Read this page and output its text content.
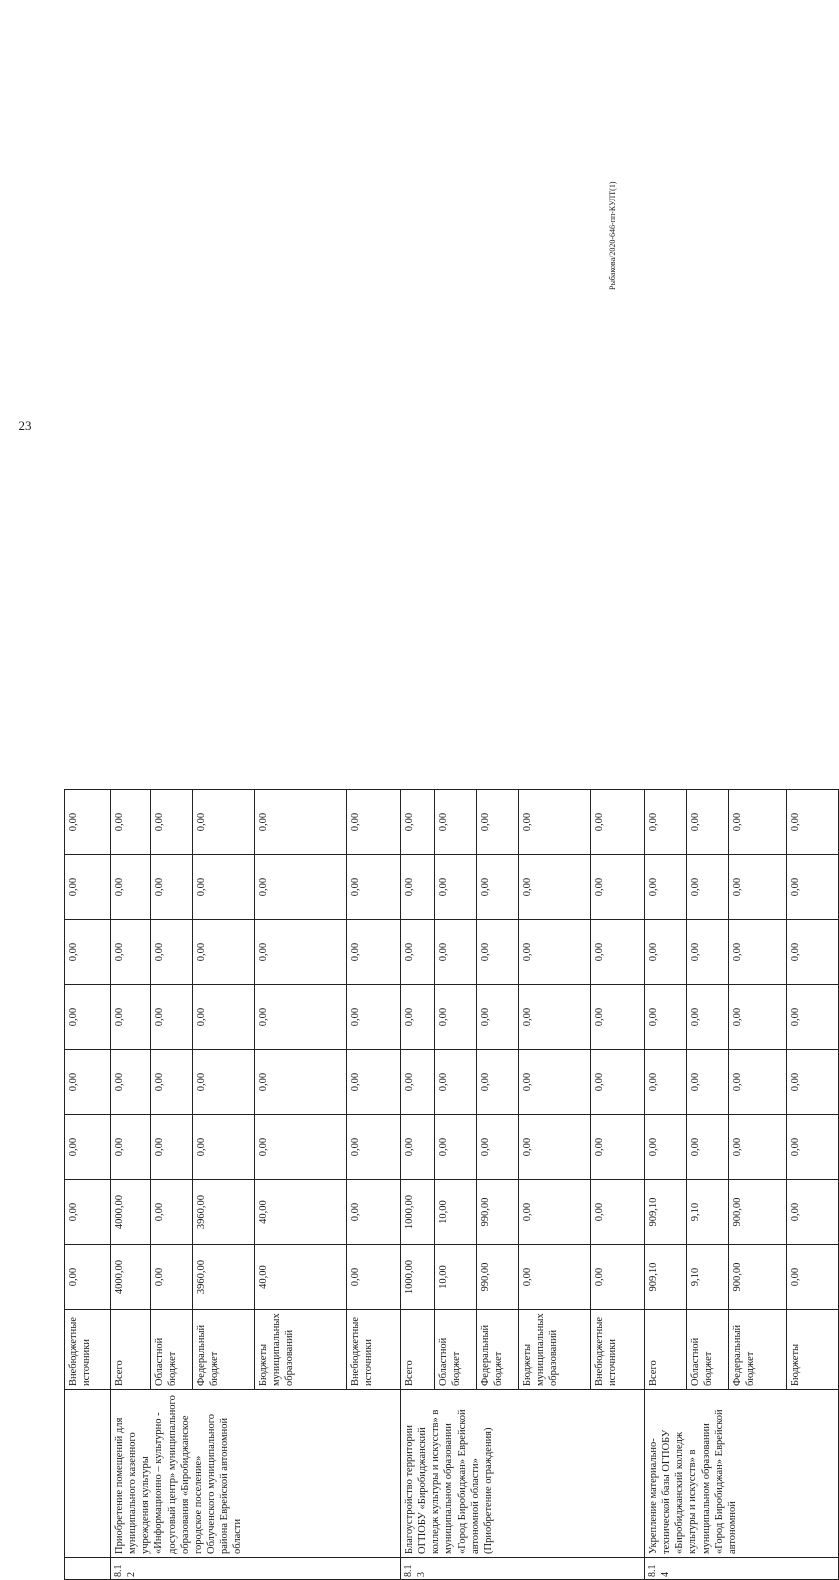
		Внебюджетные источники	0,00	0,00	0,00	0,00	0,00	0,00	0,00	0,00
8.1 2	Приобретение помещений для муниципального казенного учреждения культуры «Информационно – культурно - досуговый центр» муниципального образования «Биробиджанское городское поселение» Облученского муниципального района Еврейской автономной области	Всего	4000,00	4000,00	0,00	0,00	0,00	0,00	0,00	0,00
		Областной бюджет	0,00	0,00	0,00	0,00	0,00	0,00	0,00	0,00
		Федеральный бюджет	3960,00	3960,00	0,00	0,00	0,00	0,00	0,00	0,00
		Бюджеты муниципальных образований	40,00	40,00	0,00	0,00	0,00	0,00	0,00	0,00
		Внебюджетные источники	0,00	0,00	0,00	0,00	0,00	0,00	0,00	0,00
8.1 3	Благоустройство территории ОГПОБУ «Биробиджанский колледж культуры и искусств» в муниципальном образовании «Город Биробиджан» Еврейской автономной области» (Приобретение ограждения)	Всего	1000,00	1000,00	0,00	0,00	0,00	0,00	0,00	0,00
		Областной бюджет	10,00	10,00	0,00	0,00	0,00	0,00	0,00	0,00
		Федеральный бюджет	990,00	990,00	0,00	0,00	0,00	0,00	0,00	0,00
		Бюджеты муниципальных образований	0,00	0,00	0,00	0,00	0,00	0,00	0,00	0,00
		Внебюджетные источники	0,00	0,00	0,00	0,00	0,00	0,00	0,00	0,00
8.1 4	Укрепление материально-технической базы ОГПОБУ «Биробиджанский колледж культуры и искусств» в муниципальном образовании «Город Биробиджан» Еврейской автономной	Всего	909,10	909,10	0,00	0,00	0,00	0,00	0,00	0,00
		Областной бюджет	9,10	9,10	0,00	0,00	0,00	0,00	0,00	0,00
		Федеральный бюджет	900,00	900,00	0,00	0,00	0,00	0,00	0,00	0,00
		Бюджеты	0,00	0,00	0,00	0,00	0,00	0,00	0,00	0,00
23
Рыбакова/2020-646-пп-КУЛТ(1)
